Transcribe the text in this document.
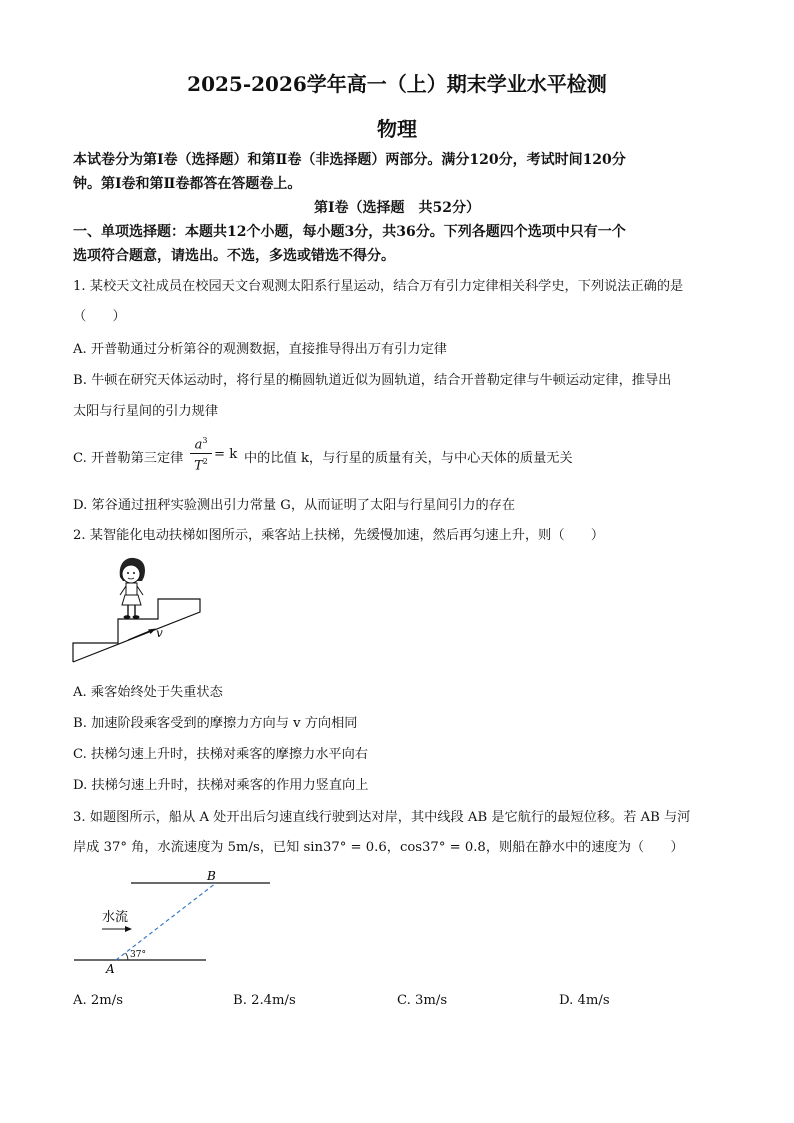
2025-2026学年高一（上）期末学业水平检测
物理
本试卷分为第Ⅰ卷（选择题）和第Ⅱ卷（非选择题）两部分。满分120分，考试时间120分
钟。第Ⅰ卷和第Ⅱ卷都答在答题卷上。
第Ⅰ卷（选择题　共52分）
一、单项选择题：本题共12个小题，每小题3分，共36分。下列各题四个选项中只有一个
选项符合题意，请选出。不选，多选或错选不得分。
1. 某校天文社成员在校园天文台观测太阳系行星运动，结合万有引力定律相关科学史，下列说法正确的是
（　　）
A. 开普勒通过分析第谷的观测数据，直接推导得出万有引力定律
B. 牛顿在研究天体运动时，将行星的椭圆轨道近似为圆轨道，结合开普勒定律与牛顿运动定律，推导出
太阳与行星间的引力规律
C. 开普勒第三定律
$a^3$
$T^2 = k$ 中的比值 k，与行星的质量有关，与中心天体的质量无关
D. 笫谷通过扭秤实验测出引力常量 G，从而证明了太阳与行星间引力的存在
2. 某智能化电动扶梯如图所示，乘客站上扶梯，先缓慢加速，然后再匀速上升，则（　　）
v
A. 乘客始终处于失重状态
B. 加速阶段乘客受到的摩擦力方向与 v 方向相同
C. 扶梯匀速上升时，扶梯对乘客的摩擦力水平向右
D. 扶梯匀速上升时，扶梯对乘客的作用力竖直向上
3. 如题图所示，船从 A 处开出后匀速直线行驶到达对岸，其中线段 AB 是它航行的最短位移。若 AB 与河
岸成 37° 角，水流速度为 5m/s，已知 sin37° = 0.6，cos37° = 0.8，则船在静水中的速度为（　　）
37°
B
A
水流
A. 2m/s	B. 2.4m/s	C. 3m/s	D. 4m/s
